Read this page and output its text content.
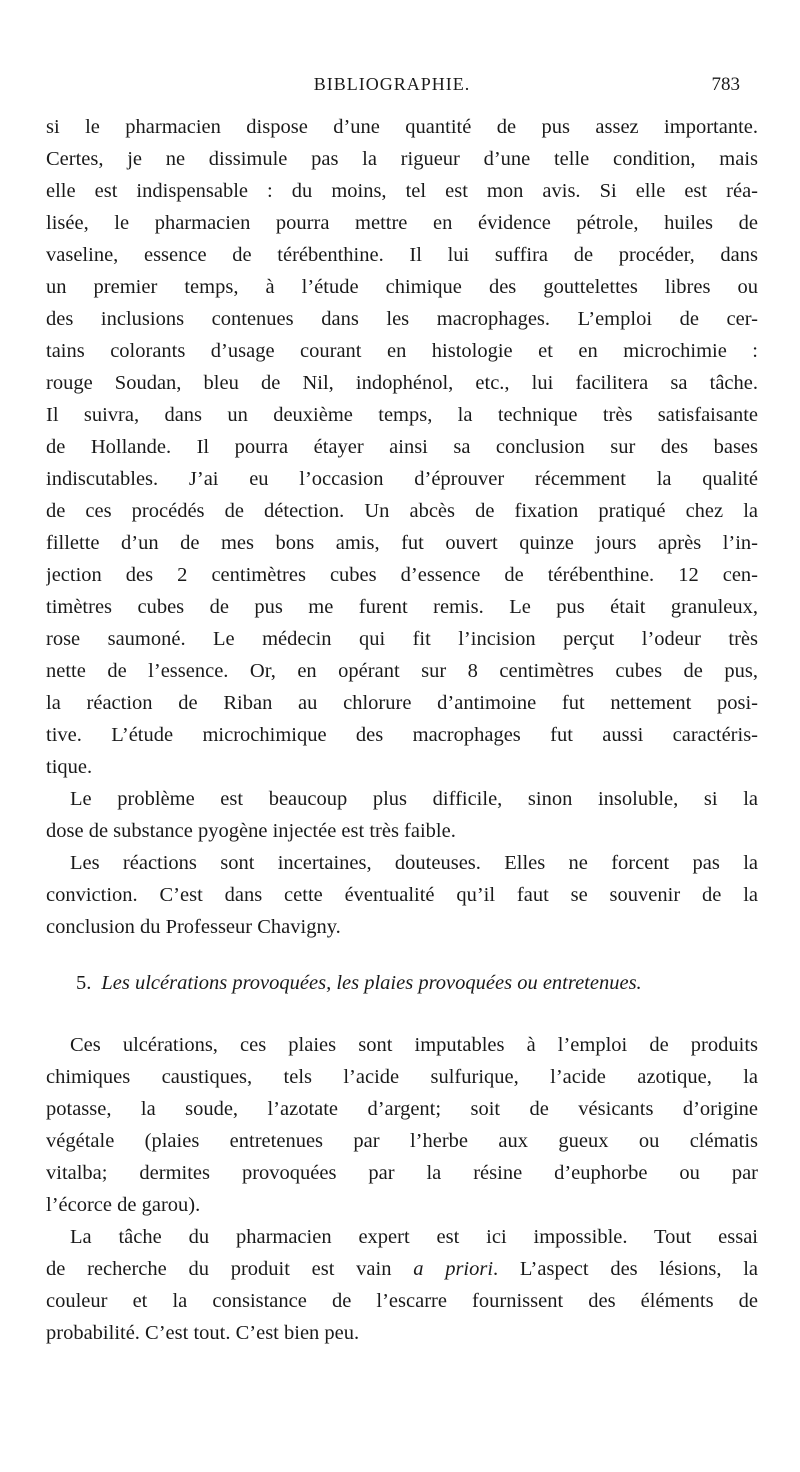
BIBLIOGRAPHIE.	783
si le pharmacien dispose d’une quantité de pus assez importante.
Certes, je ne dissimule pas la rigueur d’une telle condition, mais
elle est indispensable : du moins, tel est mon avis. Si elle est réa-
lisée, le pharmacien pourra mettre en évidence pétrole, huiles de
vaseline, essence de térébenthine. Il lui suffira de procéder, dans
un premier temps, à l’étude chimique des gouttelettes libres ou
des inclusions contenues dans les macrophages. L’emploi de cer-
tains colorants d’usage courant en histologie et en microchimie :
rouge Soudan, bleu de Nil, indophénol, etc., lui facilitera sa tâche.
Il suivra, dans un deuxième temps, la technique très satisfaisante
de Hollande. Il pourra étayer ainsi sa conclusion sur des bases
indiscutables. J’ai eu l’occasion d’éprouver récemment la qualité
de ces procédés de détection. Un abcès de fixation pratiqué chez la
fillette d’un de mes bons amis, fut ouvert quinze jours après l’in-
jection des 2 centimètres cubes d’essence de térébenthine. 12 cen-
timètres cubes de pus me furent remis. Le pus était granuleux,
rose saumoné. Le médecin qui fit l’incision perçut l’odeur très
nette de l’essence. Or, en opérant sur 8 centimètres cubes de pus,
la réaction de Riban au chlorure d’antimoine fut nettement posi-
tive. L’étude microchimique des macrophages fut aussi caractéris-
tique.
Le problème est beaucoup plus difficile, sinon insoluble, si la
dose de substance pyogène injectée est très faible.
Les réactions sont incertaines, douteuses. Elles ne forcent pas la
conviction. C’est dans cette éventualité qu’il faut se souvenir de la
conclusion du Professeur Chavigny.
5. Les ulcérations provoquées, les plaies provoquées ou entretenues.
Ces ulcérations, ces plaies sont imputables à l’emploi de produits
chimiques caustiques, tels l’acide sulfurique, l’acide azotique, la
potasse, la soude, l’azotate d’argent; soit de vésicants d’origine
végétale (plaies entretenues par l’herbe aux gueux ou clématis
vitalba; dermites provoquées par la résine d’euphorbe ou par
l’écorce de garou).
La tâche du pharmacien expert est ici impossible. Tout essai
de recherche du produit est vain a priori. L’aspect des lésions, la
couleur et la consistance de l’escarre fournissent des éléments de
probabilité. C’est tout. C’est bien peu.
